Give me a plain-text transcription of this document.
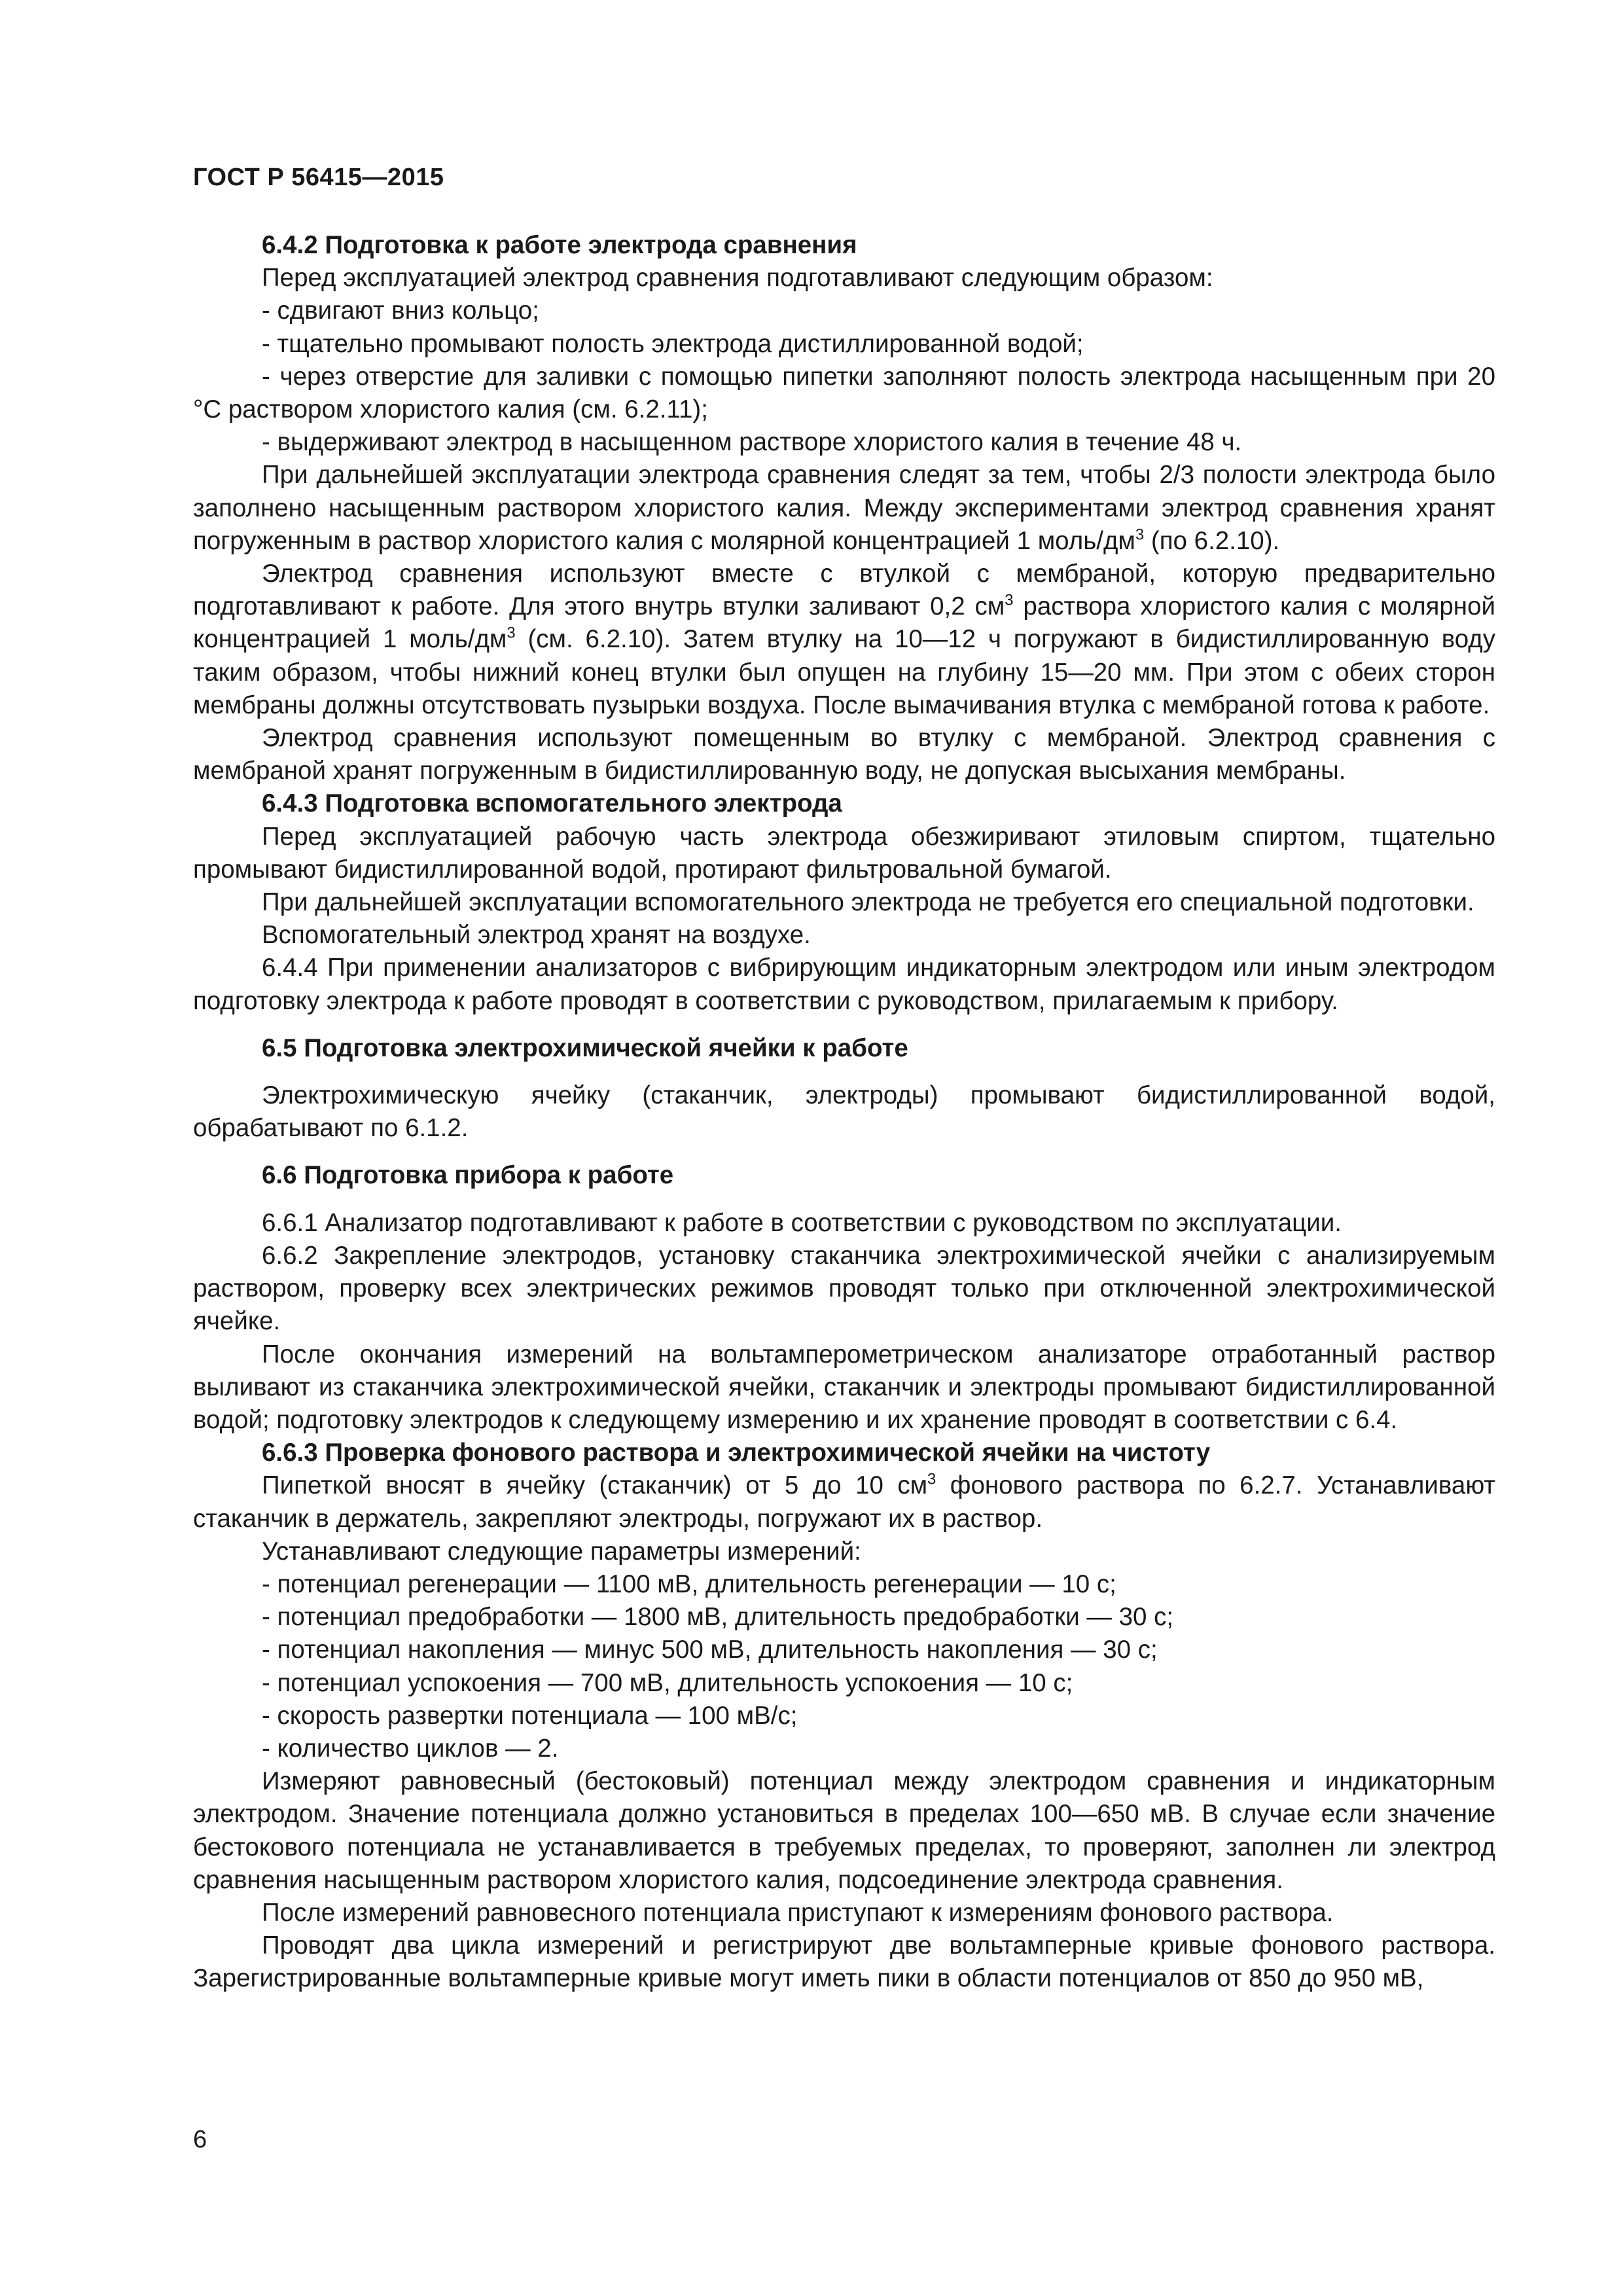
ГОСТ Р 56415—2015

6.4.2 Подготовка к работе электрода сравнения

Перед эксплуатацией электрод сравнения подготавливают следующим образом:

- сдвигают вниз кольцо;

- тщательно промывают полость электрода дистиллированной водой;

- через отверстие для заливки с помощью пипетки заполняют полость электрода насыщенным при 20 °С раствором хлористого калия (см. 6.2.11);

- выдерживают электрод в насыщенном растворе хлористого калия в течение 48 ч.

При дальнейшей эксплуатации электрода сравнения следят за тем, чтобы 2/3 полости электрода было заполнено насыщенным раствором хлористого калия. Между экспериментами электрод сравнения хранят погруженным в раствор хлористого калия с молярной концентрацией 1 моль/$дм^3$ (по 6.2.10).

Электрод сравнения используют вместе с втулкой с мембраной, которую предварительно подготавливают к работе. Для этого внутрь втулки заливают 0,2 $см^3$ раствора хлористого калия с молярной концентрацией 1 моль/$дм^3$ (см. 6.2.10). Затем втулку на 10—12 ч погружают в бидистиллированную воду таким образом, чтобы нижний конец втулки был опущен на глубину 15—20 мм. При этом с обеих сторон мембраны должны отсутствовать пузырьки воздуха. После вымачивания втулка с мембраной готова к работе.

Электрод сравнения используют помещенным во втулку с мембраной. Электрод сравнения с мембраной хранят погруженным в бидистиллированную воду, не допуская высыхания мембраны.

6.4.3 Подготовка вспомогательного электрода

Перед эксплуатацией рабочую часть электрода обезжиривают этиловым спиртом, тщательно промывают бидистиллированной водой, протирают фильтровальной бумагой.

При дальнейшей эксплуатации вспомогательного электрода не требуется его специальной подготовки.

Вспомогательный электрод хранят на воздухе.

6.4.4 При применении анализаторов с вибрирующим индикаторным электродом или иным электродом подготовку электрода к работе проводят в соответствии с руководством, прилагаемым к прибору.

6.5 Подготовка электрохимической ячейки к работе

Электрохимическую ячейку (стаканчик, электроды) промывают бидистиллированной водой, обрабатывают по 6.1.2.

6.6 Подготовка прибора к работе

6.6.1 Анализатор подготавливают к работе в соответствии с руководством по эксплуатации.

6.6.2 Закрепление электродов, установку стаканчика электрохимической ячейки с анализируемым раствором, проверку всех электрических режимов проводят только при отключенной электрохимической ячейке.

После окончания измерений на вольтамперометрическом анализаторе отработанный раствор выливают из стаканчика электрохимической ячейки, стаканчик и электроды промывают бидистиллированной водой; подготовку электродов к следующему измерению и их хранение проводят в соответствии с 6.4.

6.6.3 Проверка фонового раствора и электрохимической ячейки на чистоту

Пипеткой вносят в ячейку (стаканчик) от 5 до 10 $см^3$ фонового раствора по 6.2.7. Устанавливают стаканчик в держатель, закрепляют электроды, погружают их в раствор.

Устанавливают следующие параметры измерений:

- потенциал регенерации — 1100 мВ, длительность регенерации — 10 с;

- потенциал предобработки — 1800 мВ, длительность предобработки — 30 с;

- потенциал накопления — минус 500 мВ, длительность накопления — 30 с;

- потенциал успокоения — 700 мВ, длительность успокоения — 10 с;

- скорость развертки потенциала — 100 мВ/с;

- количество циклов — 2.

Измеряют равновесный (бестоковый) потенциал между электродом сравнения и индикаторным электродом. Значение потенциала должно установиться в пределах 100—650 мВ. В случае если значение бестокового потенциала не устанавливается в требуемых пределах, то проверяют, заполнен ли электрод сравнения насыщенным раствором хлористого калия, подсоединение электрода сравнения.

После измерений равновесного потенциала приступают к измерениям фонового раствора.

Проводят два цикла измерений и регистрируют две вольтамперные кривые фонового раствора. Зарегистрированные вольтамперные кривые могут иметь пики в области потенциалов от 850 до 950 мВ,

6
